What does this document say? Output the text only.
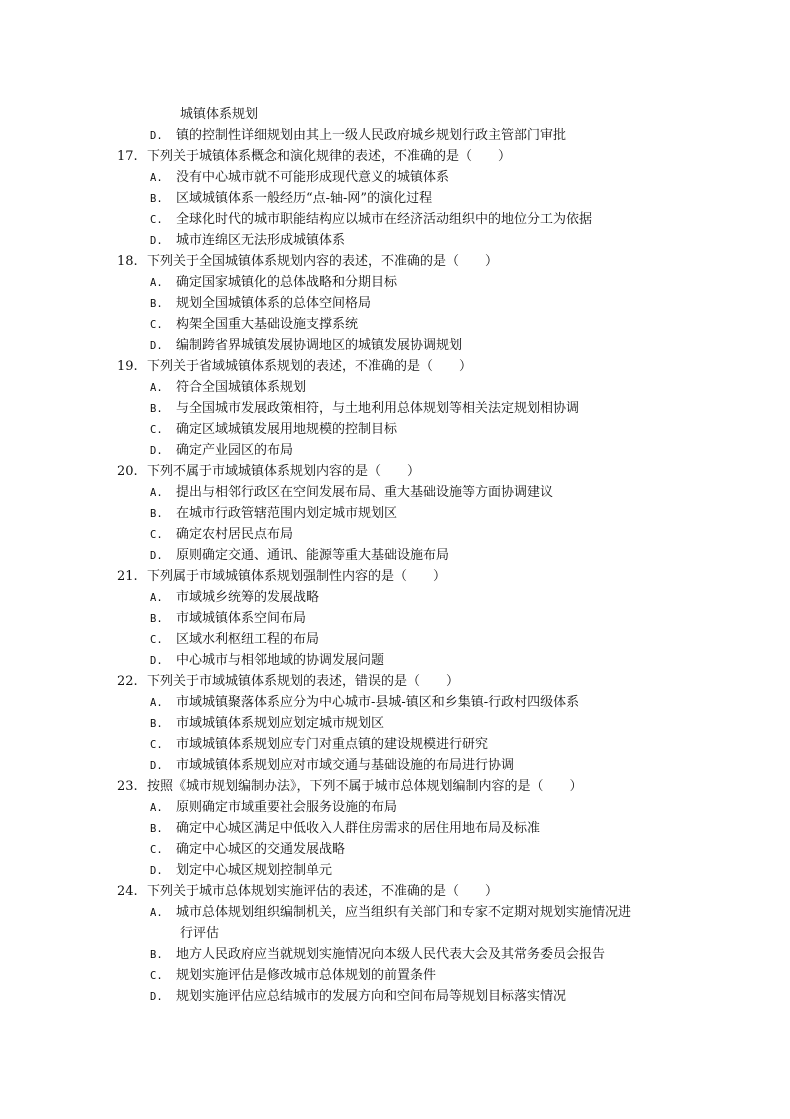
城镇体系规划
D. 镇的控制性详细规划由其上一级人民政府城乡规划行政主管部门审批
17. 下列关于城镇体系概念和演化规律的表述，不准确的是（　　）
A. 没有中心城市就不可能形成现代意义的城镇体系
B. 区域城镇体系一般经历“点-轴-网”的演化过程
C. 全球化时代的城市职能结构应以城市在经济活动组织中的地位分工为依据
D. 城市连绵区无法形成城镇体系
18. 下列关于全国城镇体系规划内容的表述，不准确的是（　　）
A. 确定国家城镇化的总体战略和分期目标
B. 规划全国城镇体系的总体空间格局
C. 构架全国重大基础设施支撑系统
D. 编制跨省界城镇发展协调地区的城镇发展协调规划
19. 下列关于省域城镇体系规划的表述，不准确的是（　　）
A. 符合全国城镇体系规划
B. 与全国城市发展政策相符，与土地利用总体规划等相关法定规划相协调
C. 确定区域城镇发展用地规模的控制目标
D. 确定产业园区的布局
20. 下列不属于市域城镇体系规划内容的是（　　）
A. 提出与相邻行政区在空间发展布局、重大基础设施等方面协调建议
B. 在城市行政管辖范围内划定城市规划区
C. 确定农村居民点布局
D. 原则确定交通、通讯、能源等重大基础设施布局
21. 下列属于市域城镇体系规划强制性内容的是（　　）
A. 市域城乡统筹的发展战略
B. 市域城镇体系空间布局
C. 区域水利枢纽工程的布局
D. 中心城市与相邻地域的协调发展问题
22. 下列关于市域城镇体系规划的表述，错误的是（　　）
A. 市域城镇聚落体系应分为中心城市-县城-镇区和乡集镇-行政村四级体系
B. 市域城镇体系规划应划定城市规划区
C. 市域城镇体系规划应专门对重点镇的建设规模进行研究
D. 市域城镇体系规划应对市域交通与基础设施的布局进行协调
23. 按照《城市规划编制办法》，下列不属于城市总体规划编制内容的是（　　）
A. 原则确定市域重要社会服务设施的布局
B. 确定中心城区满足中低收入人群住房需求的居住用地布局及标准
C. 确定中心城区的交通发展战略
D. 划定中心城区规划控制单元
24. 下列关于城市总体规划实施评估的表述，不准确的是（　　）
A. 城市总体规划组织编制机关，应当组织有关部门和专家不定期对规划实施情况进
行评估
B. 地方人民政府应当就规划实施情况向本级人民代表大会及其常务委员会报告
C. 规划实施评估是修改城市总体规划的前置条件
D. 规划实施评估应总结城市的发展方向和空间布局等规划目标落实情况
